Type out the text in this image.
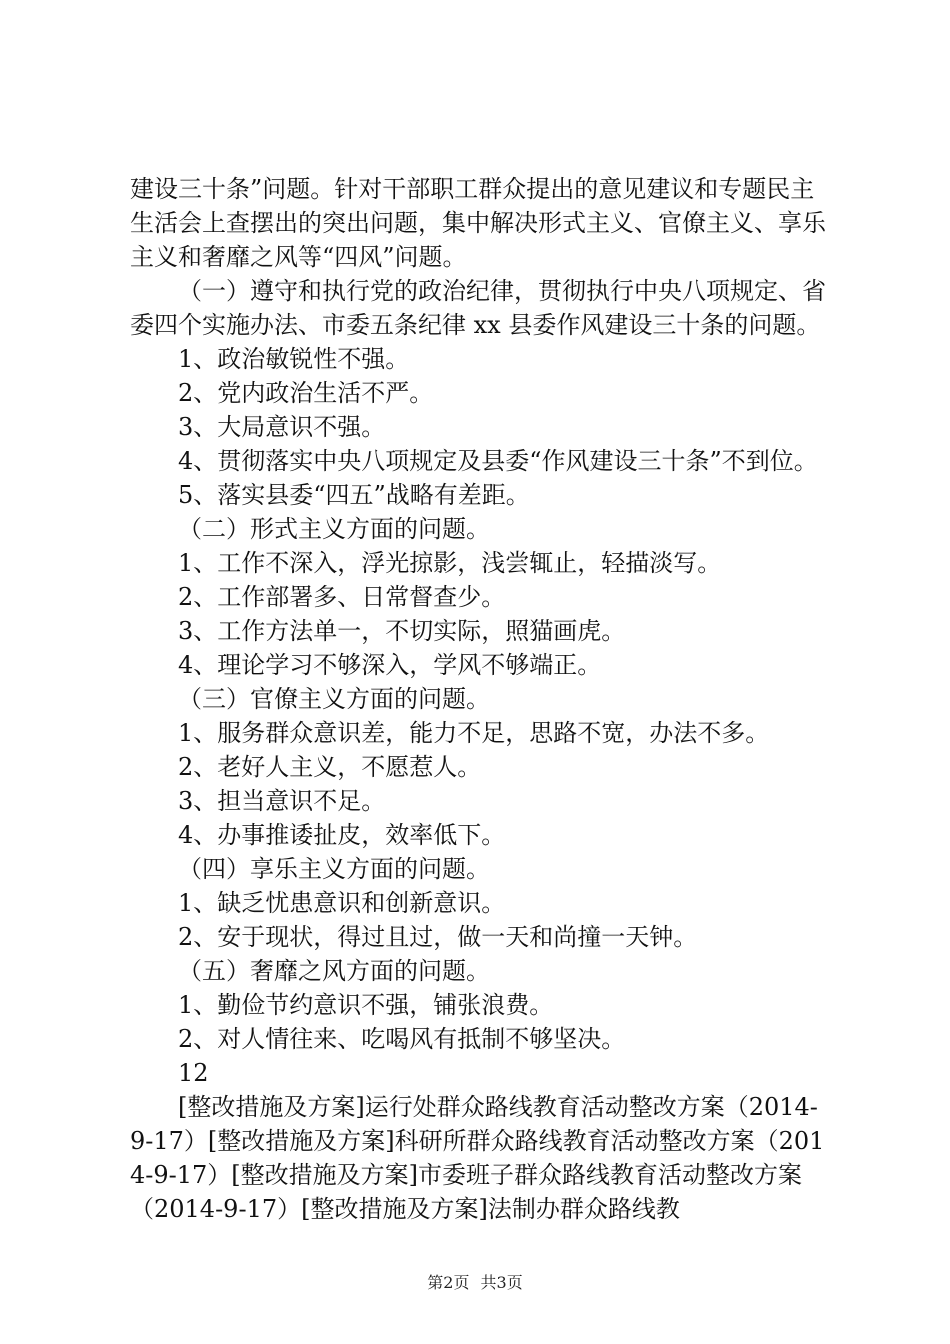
建设三十条”问题。针对干部职工群众提出的意见建议和专题民主生活会上查摆出的突出问题，集中解决形式主义、官僚主义、享乐主义和奢靡之风等“四风”问题。

（一）遵守和执行党的政治纪律，贯彻执行中央八项规定、省委四个实施办法、市委五条纪律 xx 县委作风建设三十条的问题。

1、政治敏锐性不强。

2、党内政治生活不严。

3、大局意识不强。

4、贯彻落实中央八项规定及县委“作风建设三十条”不到位。

5、落实县委“四五”战略有差距。

（二）形式主义方面的问题。

1、工作不深入，浮光掠影，浅尝辄止，轻描淡写。

2、工作部署多、日常督查少。

3、工作方法单一，不切实际，照猫画虎。

4、理论学习不够深入，学风不够端正。

（三）官僚主义方面的问题。

1、服务群众意识差，能力不足，思路不宽，办法不多。

2、老好人主义，不愿惹人。

3、担当意识不足。

4、办事推诿扯皮，效率低下。

（四）享乐主义方面的问题。

1、缺乏忧患意识和创新意识。

2、安于现状，得过且过，做一天和尚撞一天钟。

（五）奢靡之风方面的问题。

1、勤俭节约意识不强，铺张浪费。

2、对人情往来、吃喝风有抵制不够坚决。

12

[整改措施及方案]运行处群众路线教育活动整改方案（2014-9-17）[整改措施及方案]科研所群众路线教育活动整改方案（2014-9-17）[整改措施及方案]市委班子群众路线教育活动整改方案（2014-9-17）[整改措施及方案]法制办群众路线教

第2页 共3页
